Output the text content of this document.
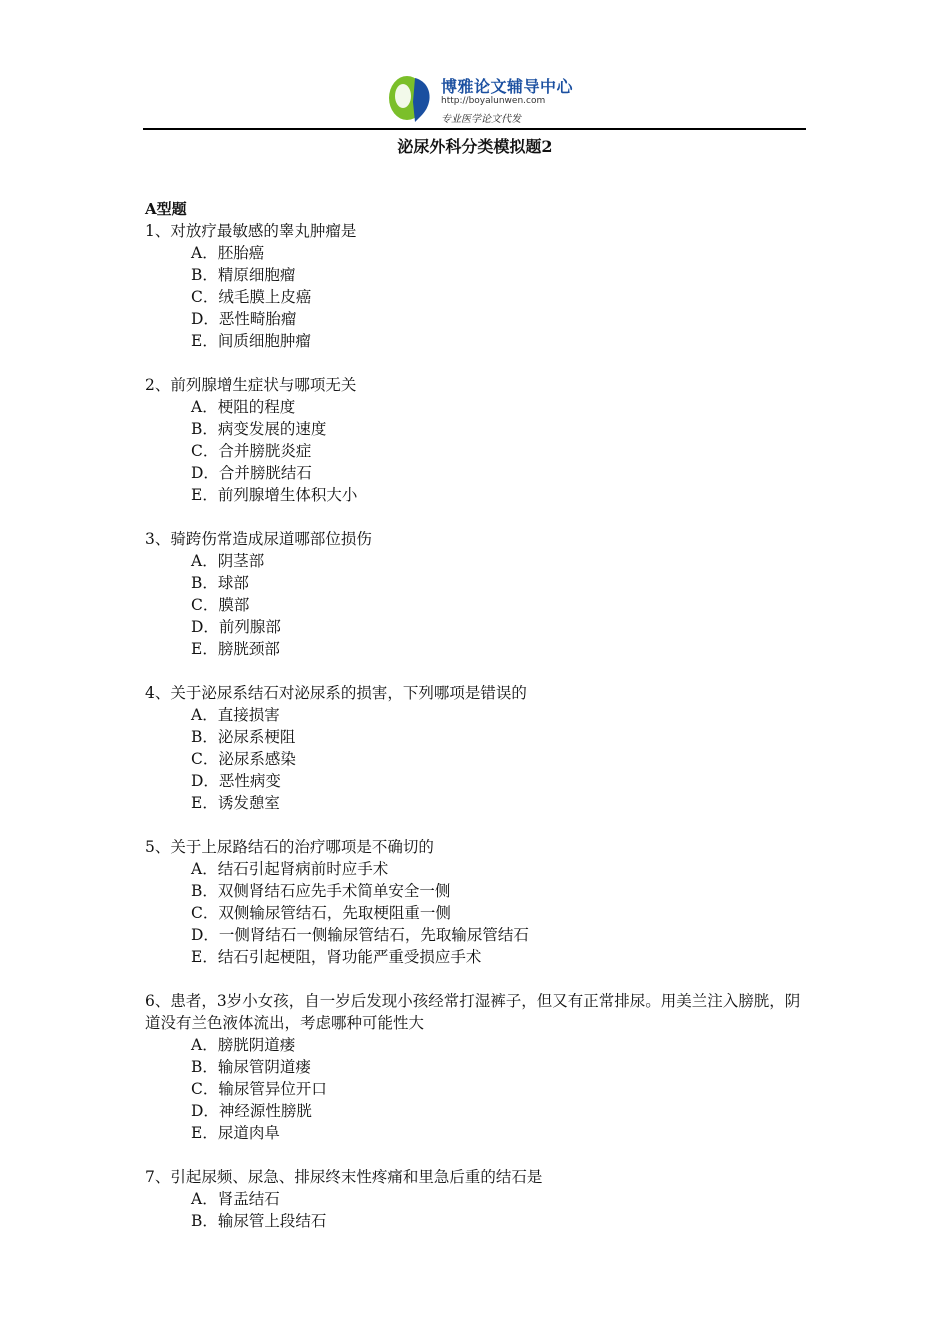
博雅论文辅导中心
http://boyalunwen.com
专业医学论文代发
泌尿外科分类模拟题2
A型题
1、对放疗最敏感的睾丸肿瘤是
A．胚胎癌
B．精原细胞瘤
C．绒毛膜上皮癌
D．恶性畸胎瘤
E．间质细胞肿瘤
2、前列腺增生症状与哪项无关
A．梗阻的程度
B．病变发展的速度
C．合并膀胱炎症
D．合并膀胱结石
E．前列腺增生体积大小
3、骑跨伤常造成尿道哪部位损伤
A．阴茎部
B．球部
C．膜部
D．前列腺部
E．膀胱颈部
4、关于泌尿系结石对泌尿系的损害，下列哪项是错误的
A．直接损害
B．泌尿系梗阻
C．泌尿系感染
D．恶性病变
E．诱发憩室
5、关于上尿路结石的治疗哪项是不确切的
A．结石引起肾病前时应手术
B．双侧肾结石应先手术简单安全一侧
C．双侧输尿管结石，先取梗阻重一侧
D．一侧肾结石一侧输尿管结石，先取输尿管结石
E．结石引起梗阻，肾功能严重受损应手术
6、患者，3岁小女孩，自一岁后发现小孩经常打湿裤子，但又有正常排尿。用美兰注入膀胱，阴道没有兰色液体流出，考虑哪种可能性大
A．膀胱阴道瘘
B．输尿管阴道瘘
C．输尿管异位开口
D．神经源性膀胱
E．尿道肉阜
7、引起尿频、尿急、排尿终末性疼痛和里急后重的结石是
A．肾盂结石
B．输尿管上段结石
